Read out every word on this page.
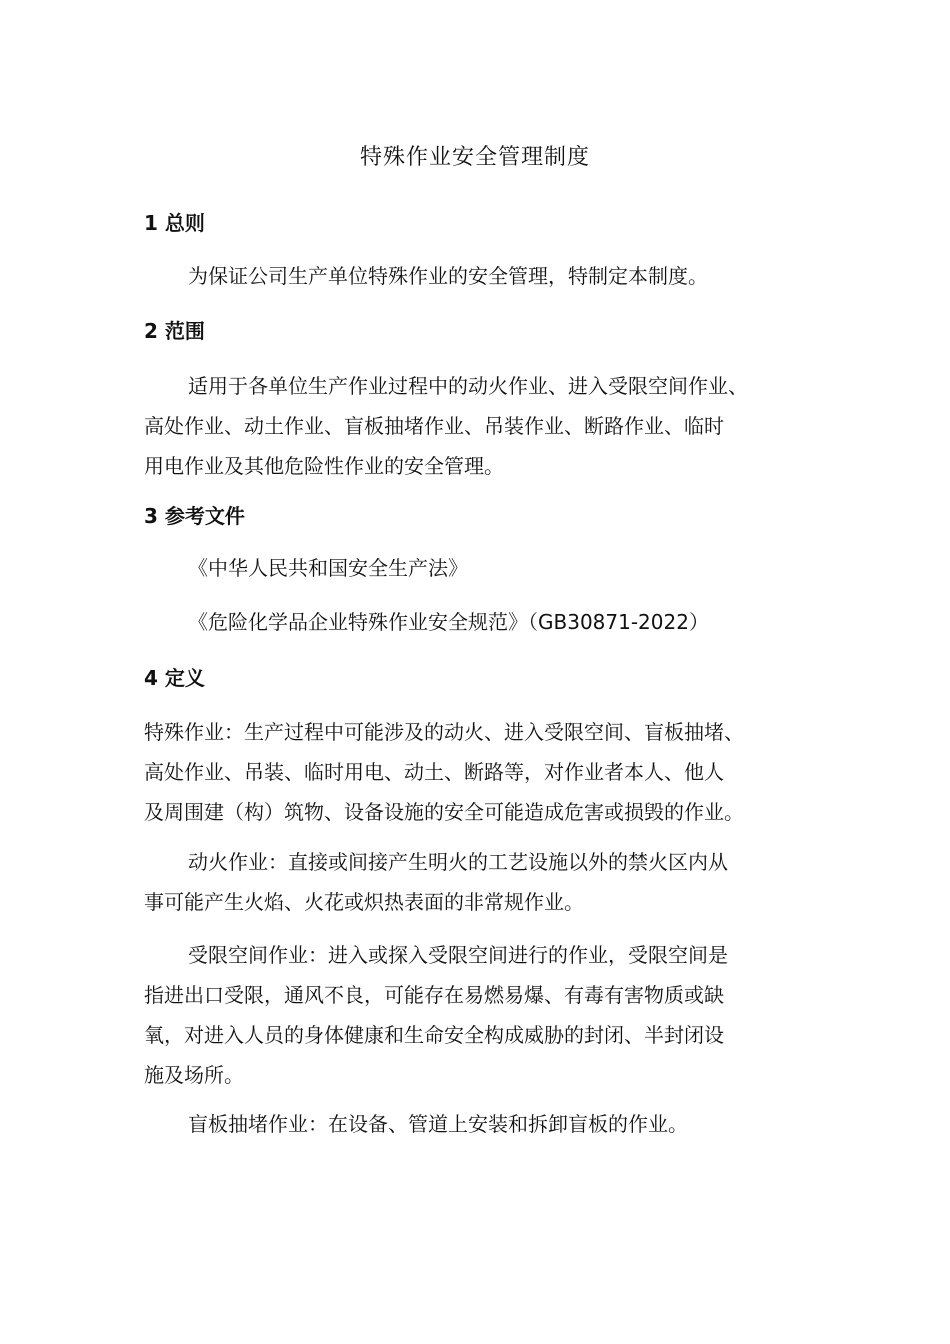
特殊作业安全管理制度
1 总则

为保证公司生产单位特殊作业的安全管理，特制定本制度。

2 范围

适用于各单位生产作业过程中的动火作业、进入受限空间作业、
高处作业、动土作业、盲板抽堵作业、吊装作业、断路作业、临时
用电作业及其他危险性作业的安全管理。

3 参考文件

《中华人民共和国安全生产法》

《危险化学品企业特殊作业安全规范》（GB30871-2022）

4 定义

特殊作业：生产过程中可能涉及的动火、进入受限空间、盲板抽堵、
高处作业、吊装、临时用电、动土、断路等，对作业者本人、他人
及周围建（构）筑物、设备设施的安全可能造成危害或损毁的作业。

动火作业：直接或间接产生明火的工艺设施以外的禁火区内从
事可能产生火焰、火花或炽热表面的非常规作业。

受限空间作业：进入或探入受限空间进行的作业，受限空间是
指进出口受限，通风不良，可能存在易燃易爆、有毒有害物质或缺
氧，对进入人员的身体健康和生命安全构成威胁的封闭、半封闭设
施及场所。

盲板抽堵作业：在设备、管道上安装和拆卸盲板的作业。
